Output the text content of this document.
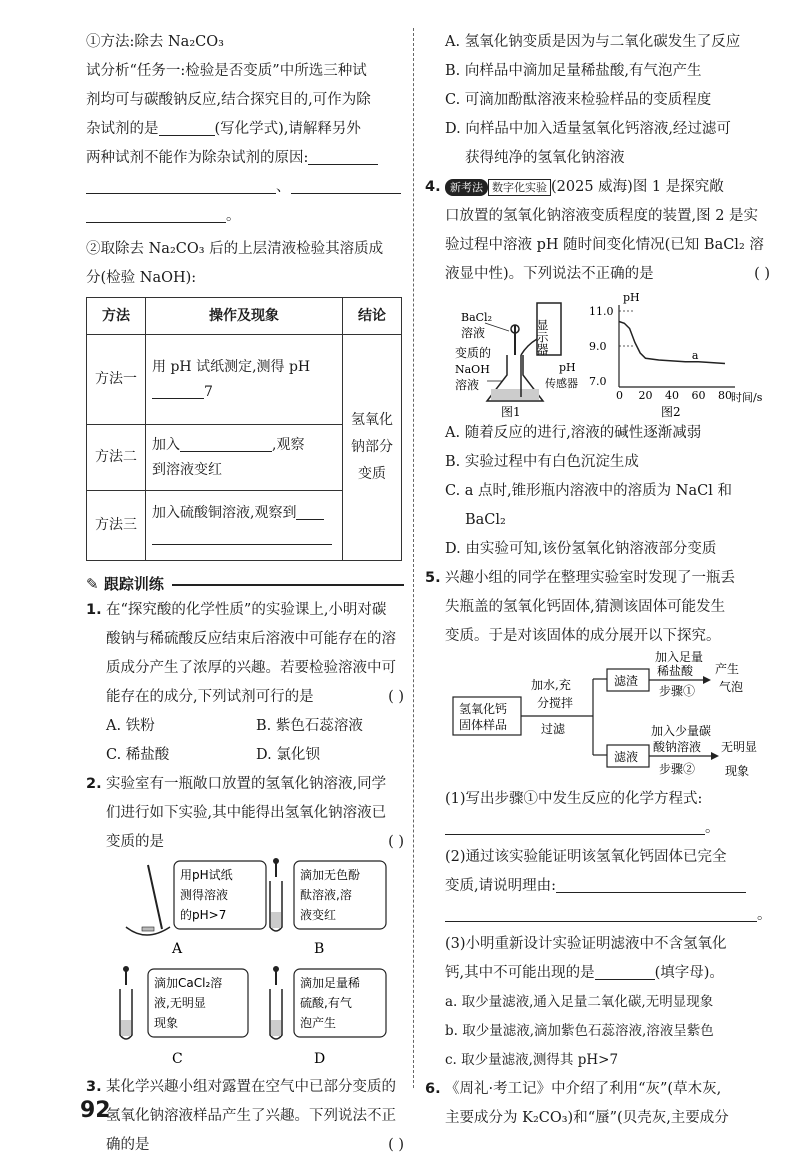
①方法:除去 Na₂CO₃
试分析“任务一:检验是否变质”中所选三种试
剂均可与碳酸钠反应,结合探究目的,可作为除
杂试剂的是	(写化学式),请解释另外
两种试剂不能作为除杂试剂的原因:
、
。
②取除去 Na₂CO₃ 后的上层清液检验其溶质成
分(检验 NaOH):
方法	操作及现象	结论
方法一	用 pH 试纸测定,测得 pH
7	氢氧化钠部分变质
方法二	加入 ,观察
到溶液变红	
方法三	加入硫酸铜溶液,观察到	

✎
跟踪训练
1. 在“探究酸的化学性质”的实验课上,小明对碳
酸钠与稀硫酸反应结束后溶液中可能存在的溶
质成分产生了浓厚的兴趣。若要检验溶液中可
能存在的成分,下列试剂可行的是	( )
A. 铁粉	B. 紫色石蕊溶液
C. 稀盐酸	D. 氯化钡
2. 实验室有一瓶敞口放置的氢氧化钠溶液,同学
们进行如下实验,其中能得出氢氧化钠溶液已
变质的是	( )
用pH试纸
测得溶液
的pH>7
A
滴加无色酚
酞溶液,溶
液变红
B
滴加CaCl₂溶
液,无明显
现象
C
滴加足量稀
硫酸,有气
泡产生
D
3. 某化学兴趣小组对露置在空气中已部分变质的
氢氧化钠溶液样品产生了兴趣。下列说法不正
确的是	( )
92
A. 氢氧化钠变质是因为与二氧化碳发生了反应
B. 向样品中滴加足量稀盐酸,有气泡产生
C. 可滴加酚酞溶液来检验样品的变质程度
D. 向样品中加入适量氢氧化钙溶液,经过滤可
获得纯净的氢氧化钠溶液
4. 新考法 数字化实验 (2025 威海)图 1 是探究敞
口放置的氢氧化钠溶液变质程度的装置,图 2 是实
验过程中溶液 pH 随时间变化情况(已知 BaCl₂ 溶
液显中性)。下列说法不正确的是	( )
BaCl₂
溶液
变质的
NaOH
溶液
显示器
pH
传感器
图1
pH
时间/s
图2
7.0
9.0
11.0
0 20 40 60 80
a
A. 随着反应的进行,溶液的碱性逐渐减弱
B. 实验过程中有白色沉淀生成
C. a 点时,锥形瓶内溶液中的溶质为 NaCl 和
BaCl₂
D. 由实验可知,该份氢氧化钠溶液部分变质
5. 兴趣小组的同学在整理实验室时发现了一瓶丢
失瓶盖的氢氧化钙固体,猜测该固体可能发生
变质。于是对该固体的成分展开以下探究。
氢氧化钙
固体样品
加水,充
分搅拌
过滤
滤渣
滤液
加入足量
稀盐酸
步骤①
产生
气泡
加入少量碳
酸钠溶液
步骤②
无明显
现象
(1)写出步骤①中发生反应的化学方程式:
。
(2)通过该实验能证明该氢氧化钙固体已完全
变质,请说明理由:
。
(3)小明重新设计实验证明滤液中不含氢氧化
钙,其中不可能出现的是	(填字母)。
a. 取少量滤液,通入足量二氧化碳,无明显现象
b. 取少量滤液,滴加紫色石蕊溶液,溶液呈紫色
c. 取少量滤液,测得其 pH>7
6. 《周礼·考工记》中介绍了利用“灰”(草木灰,
主要成分为 K₂CO₃)和“蜃”(贝壳灰,主要成分
